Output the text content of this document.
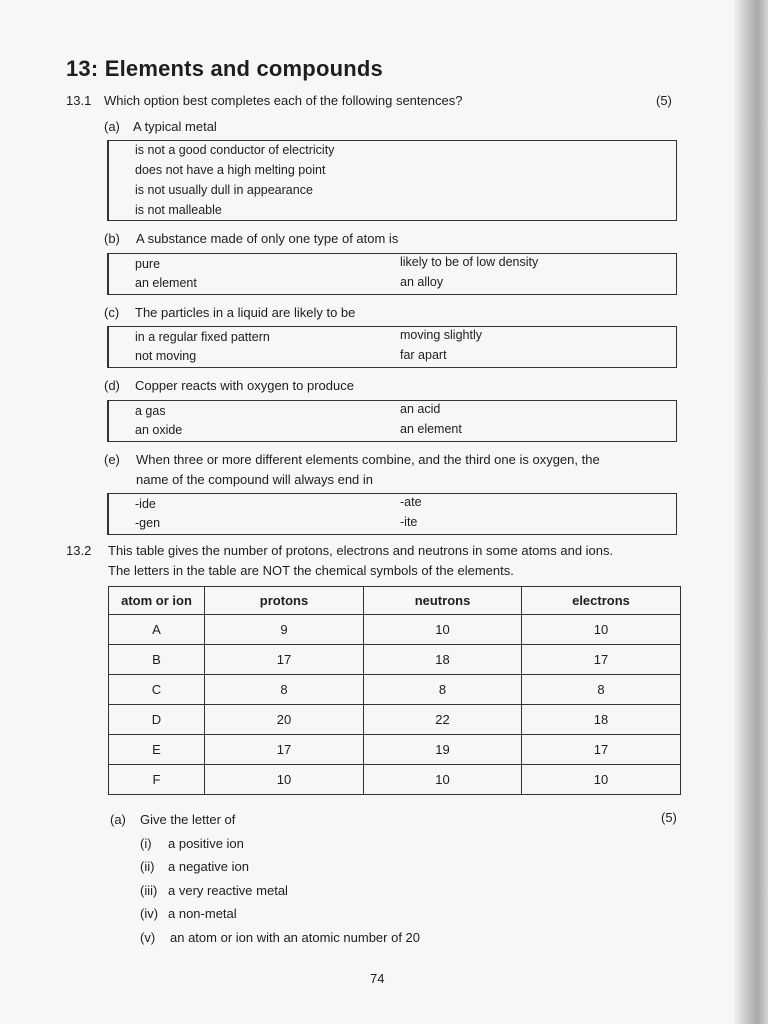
13: Elements and compounds
13.1 Which option best completes each of the following sentences?	(5)
(a) A typical metal
is not a good conductor of electricity
does not have a high melting point
is not usually dull in appearance
is not malleable
(b) A substance made of only one type of atom is
pure
an element
likely to be of low density
an alloy
(c) The particles in a liquid are likely to be
in a regular fixed pattern
not moving
moving slightly
far apart
(d) Copper reacts with oxygen to produce
a gas
an oxide
an acid
an element
(e) When three or more different elements combine, and the third one is oxygen, the
name of the compound will always end in
-ide
-gen
-ate
-ite
13.2 This table gives the number of protons, electrons and neutrons in some atoms and ions.
The letters in the table are NOT the chemical symbols of the elements.
atom or ion	protons	neutrons	electrons
A	9	10	10
B	17	18	17
C	8	8	8
D	20	22	18
E	17	19	17
F	10	10	10
(a) Give the letter of	(5)
(i) a positive ion
(ii) a negative ion
(iii) a very reactive metal
(iv) a non-metal
(v) an atom or ion with an atomic number of 20
74
